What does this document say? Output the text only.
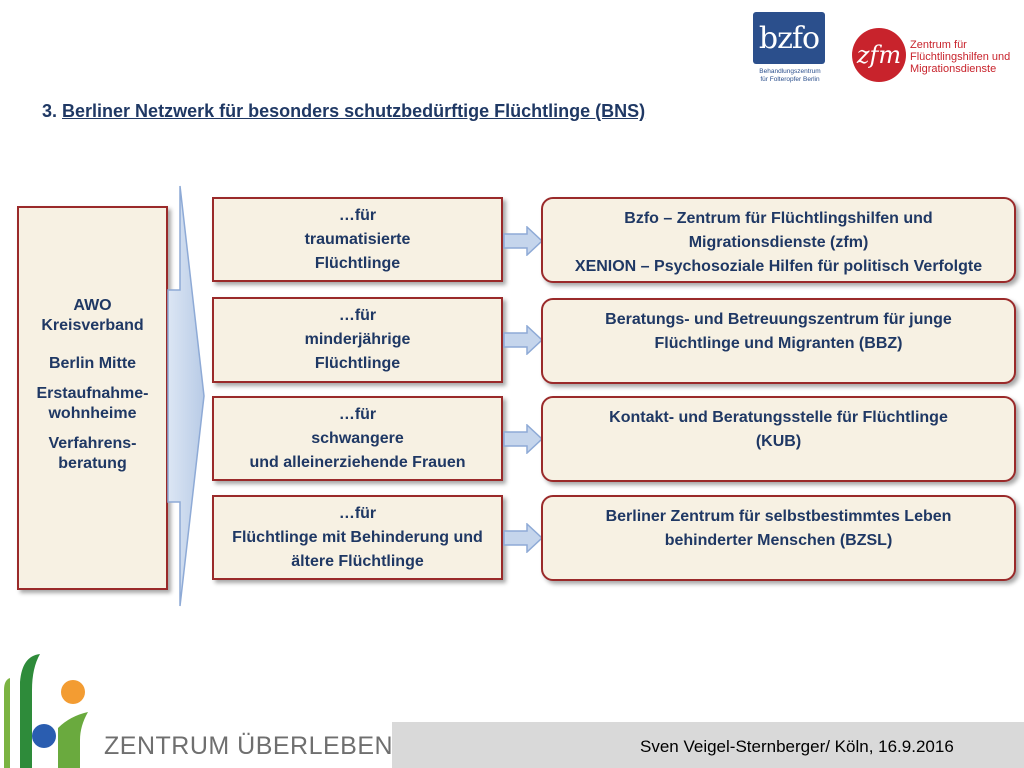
bzfo
Behandlungszentrum
für Folteropfer Berlin
zfm Zentrum für
Flüchtlingshilfen und
Migrationsdienste
3. Berliner Netzwerk für besonders schutzbedürftige Flüchtlinge (BNS)
AWO
Kreisverband
Berlin Mitte
Erstaufnahme-
wohnheime
Verfahrens-
beratung
…für
traumatisierte
Flüchtlinge
…für
minderjährige
Flüchtlinge
…für
schwangere
und alleinerziehende Frauen
…für
Flüchtlinge mit Behinderung und
ältere Flüchtlinge
Bzfo – Zentrum für Flüchtlingshilfen und
Migrationsdienste (zfm)
XENION – Psychosoziale Hilfen für politisch Verfolgte
Beratungs- und Betreuungszentrum für junge
Flüchtlinge und Migranten (BBZ)
Kontakt- und Beratungsstelle für Flüchtlinge
(KUB)
Berliner Zentrum für selbstbestimmtes Leben
behinderter Menschen (BZSL)
Sven Veigel-Sternberger/ Köln, 16.9.2016
ZENTRUM ÜBERLEBEN
